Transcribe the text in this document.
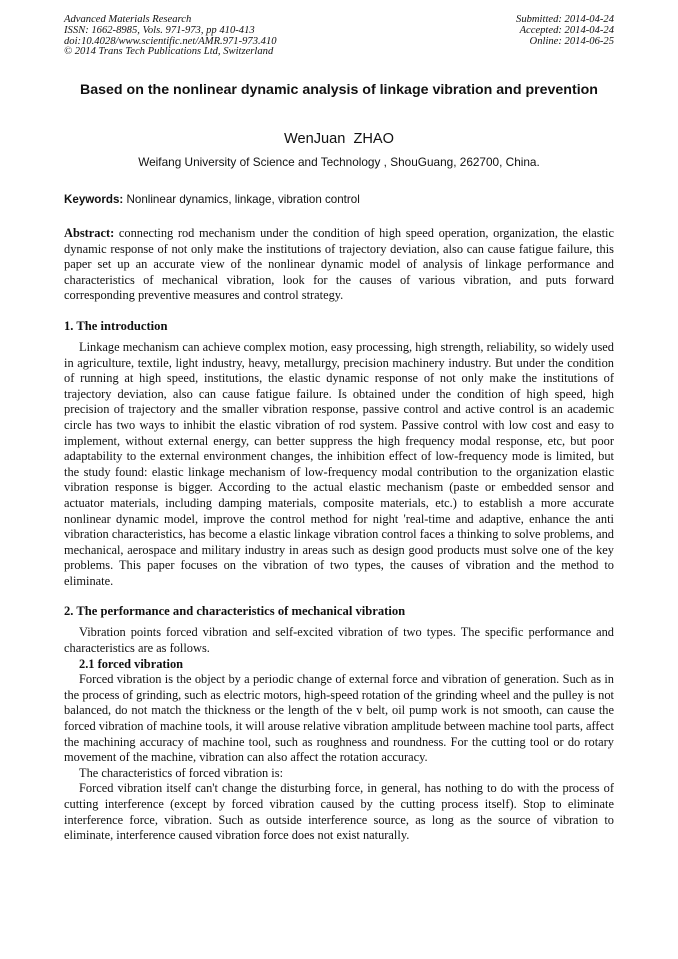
Advanced Materials Research
ISSN: 1662-8985, Vols. 971-973, pp 410-413
doi:10.4028/www.scientific.net/AMR.971-973.410
© 2014 Trans Tech Publications Ltd, Switzerland
Submitted: 2014-04-24
Accepted: 2014-04-24
Online: 2014-06-25
Based on the nonlinear dynamic analysis of linkage vibration and prevention
WenJuan  ZHAO
Weifang University of Science and Technology , ShouGuang, 262700, China.
Keywords: Nonlinear dynamics, linkage, vibration control

Abstract: connecting rod mechanism under the condition of high speed operation, organization, the elastic dynamic response of not only make the institutions of trajectory deviation, also can cause fatigue failure, this paper set up an accurate view of the nonlinear dynamic model of analysis of linkage performance and characteristics of mechanical vibration, look for the causes of various vibration, and puts forward corresponding preventive measures and control strategy.

1. The introduction

Linkage mechanism can achieve complex motion, easy processing, high strength, reliability, so widely used in agriculture, textile, light industry, heavy, metallurgy, precision machinery industry. But under the condition of running at high speed, institutions, the elastic dynamic response of not only make the institutions of trajectory deviation, also can cause fatigue failure. Is obtained under the condition of high speed, high precision of trajectory and the smaller vibration response, passive control and active control is an academic circle has two ways to inhibit the elastic vibration of rod system. Passive control with low cost and easy to implement, without external energy, can better suppress the high frequency modal response, etc, but poor adaptability to the external environment changes, the inhibition effect of low-frequency mode is limited, but the study found: elastic linkage mechanism of low-frequency modal contribution to the organization elastic vibration response is bigger. According to the actual elastic mechanism (paste or embedded sensor and actuator materials, including damping materials, composite materials, etc.) to establish a more accurate nonlinear dynamic model, improve the control method for night 'real-time and adaptive, enhance the anti vibration characteristics, has become a elastic linkage vibration control faces a thinking to solve problems, and mechanical, aerospace and military industry in areas such as design good products must solve one of the key problems. This paper focuses on the vibration of two types, the causes of vibration and the method to eliminate.

2. The performance and characteristics of mechanical vibration

Vibration points forced vibration and self-excited vibration of two types. The specific performance and characteristics are as follows.

2.1 forced vibration

Forced vibration is the object by a periodic change of external force and vibration of generation. Such as in the process of grinding, such as electric motors, high-speed rotation of the grinding wheel and the pulley is not balanced, do not match the thickness or the length of the v belt, oil pump work is not smooth, can cause the forced vibration of machine tools, it will arouse relative vibration amplitude between machine tool parts, affect the machining accuracy of machine tool, such as roughness and roundness. For the cutting tool or do rotary movement of the machine, vibration can also affect the rotation accuracy.

The characteristics of forced vibration is:

Forced vibration itself can't change the disturbing force, in general, has nothing to do with the process of cutting interference (except by forced vibration caused by the cutting process itself). Stop to eliminate interference force, vibration. Such as outside interference source, as long as the source of vibration to eliminate, interference caused vibration force does not exist naturally.
